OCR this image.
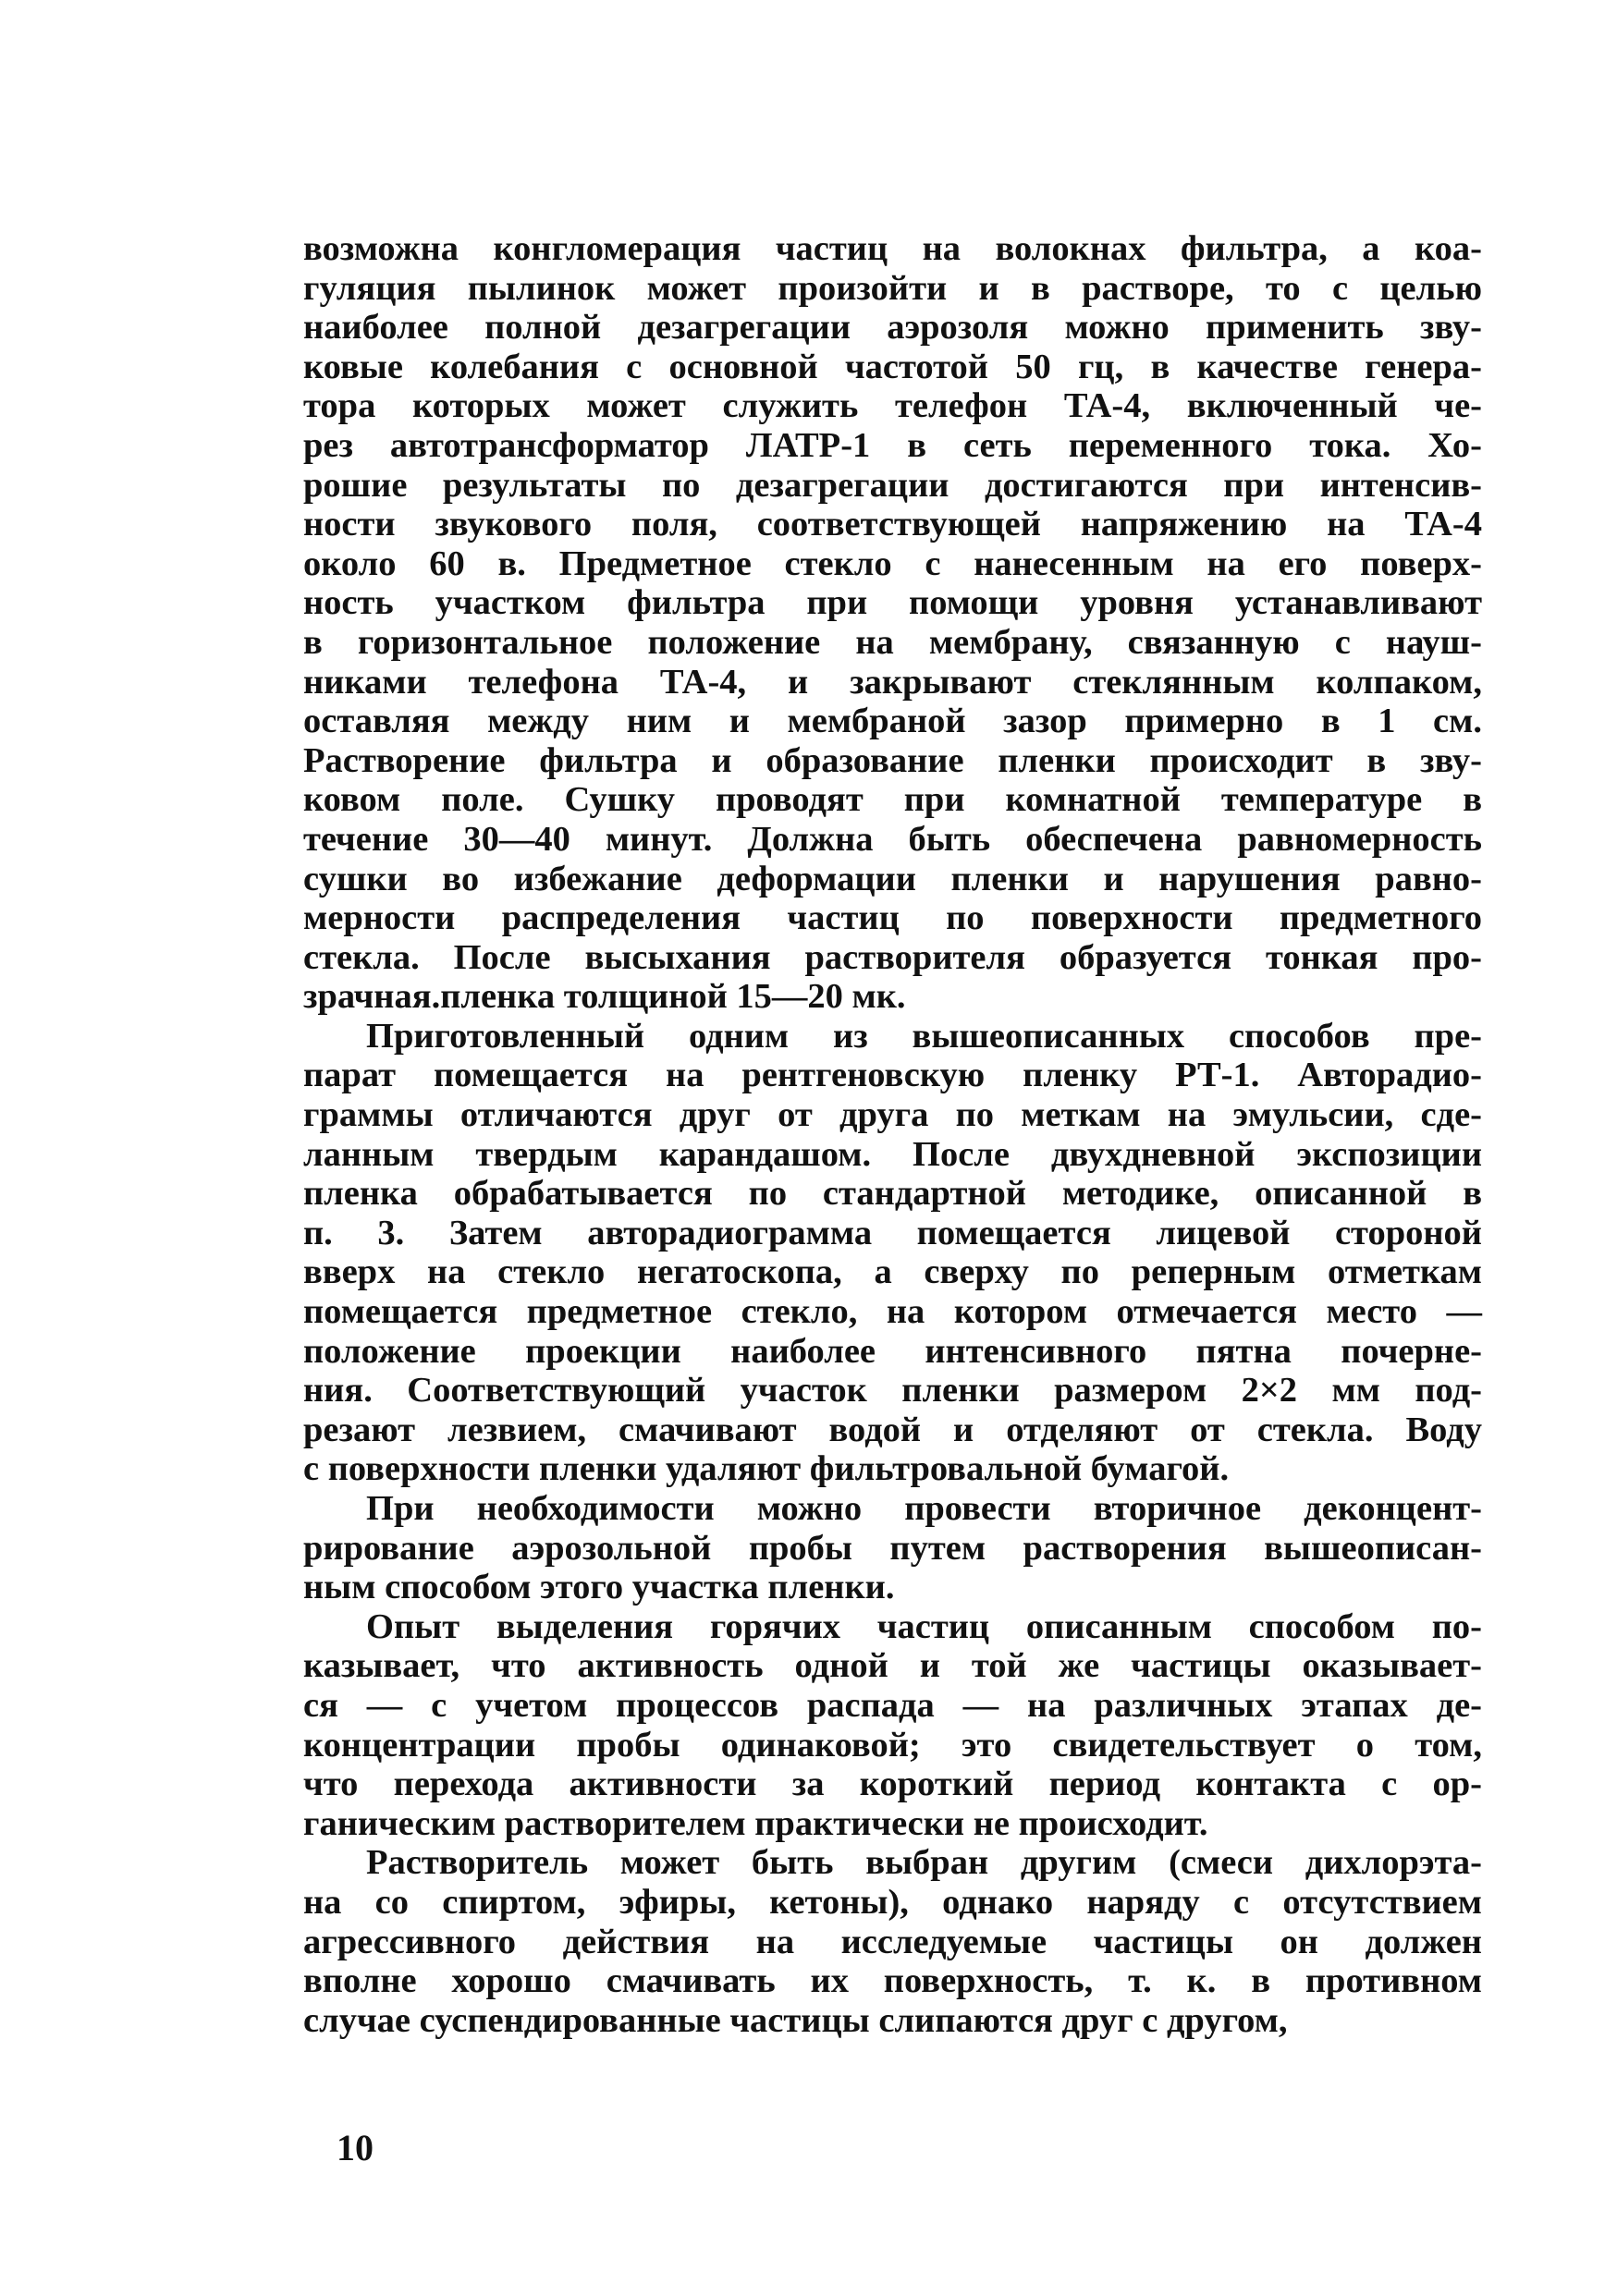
возможна конгломерация частиц на волокнах фильтра, а коа-
гуляция пылинок может произойти и в растворе, то с целью
наиболее полной дезагрегации аэрозоля можно применить зву-
ковые колебания с основной частотой 50 гц, в качестве генера-
тора которых может служить телефон ТА-4, включенный че-
рез автотрансформатор ЛАТР-1 в сеть переменного тока. Хо-
рошие результаты по дезагрегации достигаются при интенсив-
ности звукового поля, соответствующей напряжению на ТА-4
около 60 в. Предметное стекло с нанесенным на его поверх-
ность участком фильтра при помощи уровня устанавливают
в горизонтальное положение на мембрану, связанную с науш-
никами телефона ТА-4, и закрывают стеклянным колпаком,
оставляя между ним и мембраной зазор примерно в 1 см.
Растворение фильтра и образование пленки происходит в зву-
ковом поле. Сушку проводят при комнатной температуре в
течение 30—40 минут. Должна быть обеспечена равномерность
сушки во избежание деформации пленки и нарушения равно-
мерности распределения частиц по поверхности предметного
стекла. После высыхания растворителя образуется тонкая про-
зрачная.пленка толщиной 15—20 мк.
Приготовленный одним из вышеописанных способов пре-
парат помещается на рентгеновскую пленку РТ-1. Авторадио-
граммы отличаются друг от друга по меткам на эмульсии, сде-
ланным твердым карандашом. После двухдневной экспозиции
пленка обрабатывается по стандартной методике, описанной в
п. 3. Затем авторадиограмма помещается лицевой стороной
вверх на стекло негатоскопа, а сверху по реперным отметкам
помещается предметное стекло, на котором отмечается место —
положение проекции наиболее интенсивного пятна почерне-
ния. Соответствующий участок пленки размером 2×2 мм под-
резают лезвием, смачивают водой и отделяют от стекла. Воду
с поверхности пленки удаляют фильтровальной бумагой.
При необходимости можно провести вторичное деконцент-
рирование аэрозольной пробы путем растворения вышеописан-
ным способом этого участка пленки.
Опыт выделения горячих частиц описанным способом по-
казывает, что активность одной и той же частицы оказывает-
ся — с учетом процессов распада — на различных этапах де-
концентрации пробы одинаковой; это свидетельствует о том,
что перехода активности за короткий период контакта с ор-
ганическим растворителем практически не происходит.
Растворитель может быть выбран другим (смеси дихлорэта-
на со спиртом, эфиры, кетоны), однако наряду с отсутствием
агрессивного действия на исследуемые частицы он должен
вполне хорошо смачивать их поверхность, т. к. в противном
случае суспендированные частицы слипаются друг с другом,
10
